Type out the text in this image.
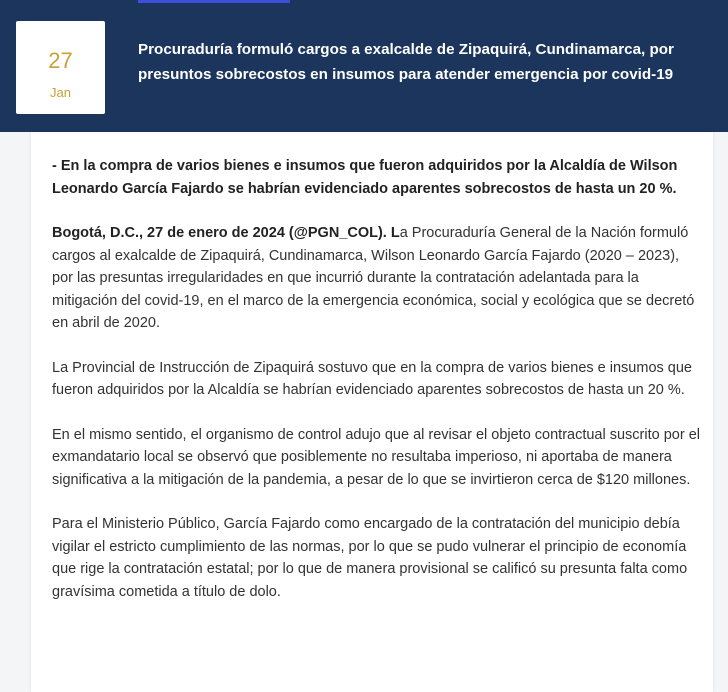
27
Jan
Procuraduría formuló cargos a exalcalde de Zipaquirá, Cundinamarca, por presuntos sobrecostos en insumos para atender emergencia por covid-19

- En la compra de varios bienes e insumos que fueron adquiridos por la Alcaldía de Wilson Leonardo García Fajardo se habrían evidenciado aparentes sobrecostos de hasta un 20 %.

Bogotá, D.C., 27 de enero de 2024 (@PGN_COL). La Procuraduría General de la Nación formuló cargos al exalcalde de Zipaquirá, Cundinamarca, Wilson Leonardo García Fajardo (2020 – 2023), por las presuntas irregularidades en que incurrió durante la contratación adelantada para la mitigación del covid-19, en el marco de la emergencia económica, social y ecológica que se decretó en abril de 2020.

La Provincial de Instrucción de Zipaquirá sostuvo que en la compra de varios bienes e insumos que fueron adquiridos por la Alcaldía se habrían evidenciado aparentes sobrecostos de hasta un 20 %.

En el mismo sentido, el organismo de control adujo que al revisar el objeto contractual suscrito por el exmandatario local se observó que posiblemente no resultaba imperioso, ni aportaba de manera significativa a la mitigación de la pandemia, a pesar de lo que se invirtieron cerca de $120 millones.

Para el Ministerio Público, García Fajardo como encargado de la contratación del municipio debía vigilar el estricto cumplimiento de las normas, por lo que se pudo vulnerar el principio de economía que rige la contratación estatal; por lo que de manera provisional se calificó su presunta falta como gravísima cometida a título de dolo.
